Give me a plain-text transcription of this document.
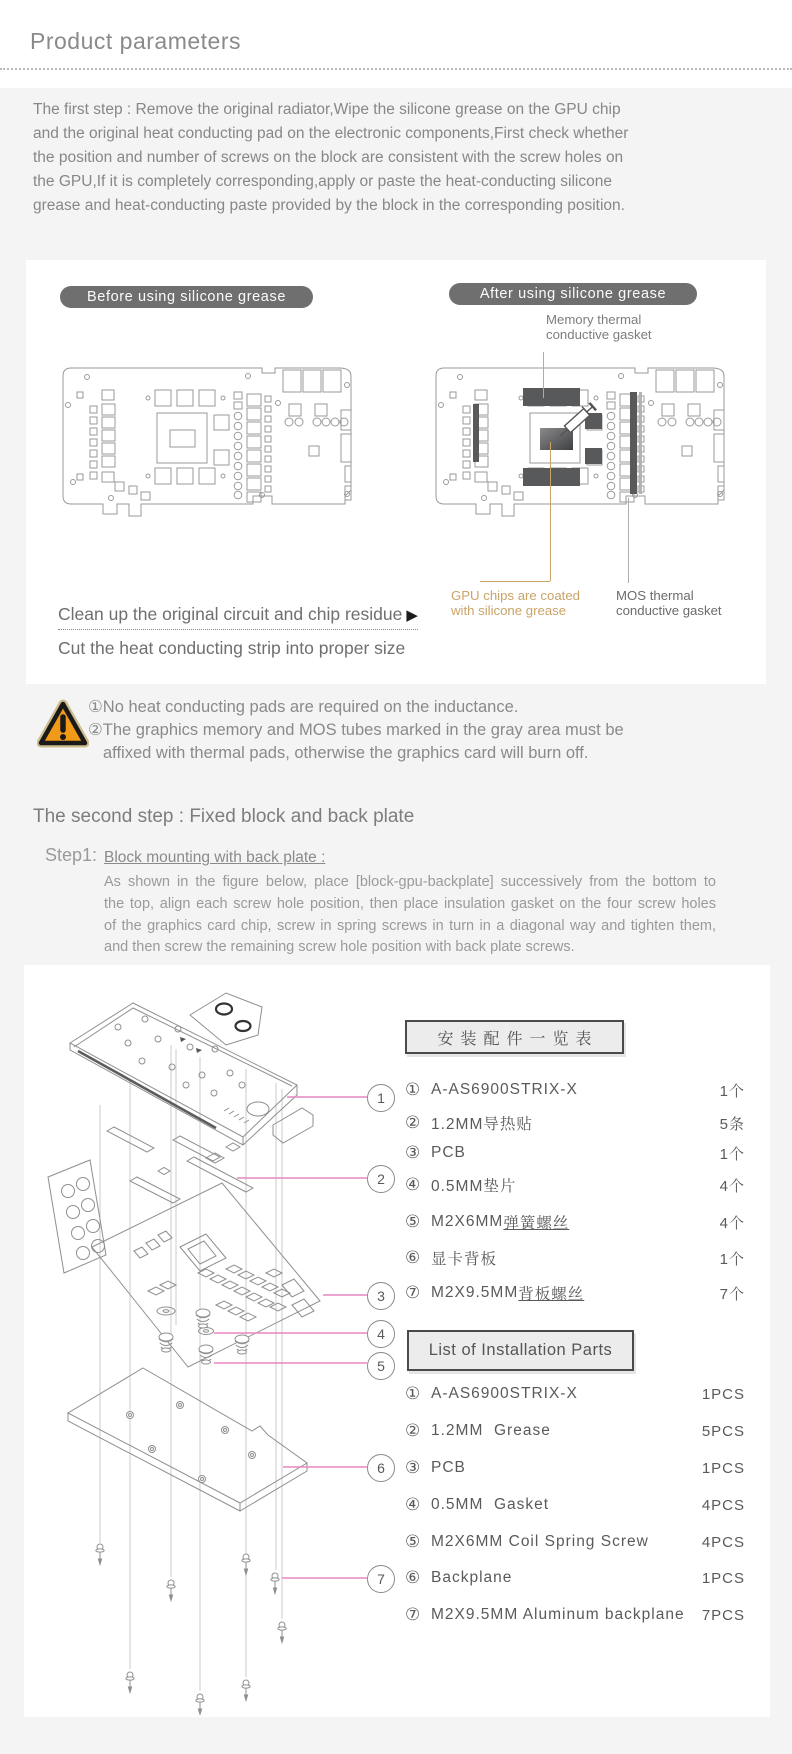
Product parameters
The first step : Remove the original radiator,Wipe the silicone grease on the GPU chip
and the original heat conducting pad on the electronic components,First check whether
the position and number of screws on the block are consistent with the screw holes on
the GPU,If it is completely corresponding,apply or paste the heat-conducting silicone
grease and heat-conducting paste provided by the block in the corresponding position.
Before using silicone grease	After using silicone grease
Memory thermal
conductive gasket
GPU chips are coated
with silicone grease
MOS thermal
conductive gasket
Clean up the original circuit and chip residue ▶
Cut the heat conducting strip into proper size
①No heat conducting pads are required on the inductance.
②The graphics memory and MOS tubes marked in the gray area must be
affixed with thermal pads, otherwise the graphics card will burn off.
The second step : Fixed block and back plate
Step1: Block mounting with back plate :
As shown in the figure below, place [block-gpu-backplate] successively from the bottom to
the top, align each screw hole position, then place insulation gasket on the four screw holes
of the graphics card chip, screw in spring screws in turn in a diagonal way and tighten them,
and then screw the remaining screw hole position with back plate screws.
1
2
3
4
5
6
7
安装配件一览表
① A-AS6900STRIX-X	1个
② 1.2MM导热贴	5条
③ PCB	1个
④ 0.5MM垫片	4个
⑤ M2X6MM 弹簧螺丝	4个
⑥ 显卡背板	1个
⑦ M2X9.5MM 背板螺丝	7个
List of Installation Parts
① A-AS6900STRIX-X	1PCS
② 1.2MM  Grease	5PCS
③ PCB	1PCS
④ 0.5MM  Gasket	4PCS
⑤ M2X6MM Coil Spring Screw	4PCS
⑥ Backplane	1PCS
⑦ M2X9.5MM Aluminum backplane 7PCS
